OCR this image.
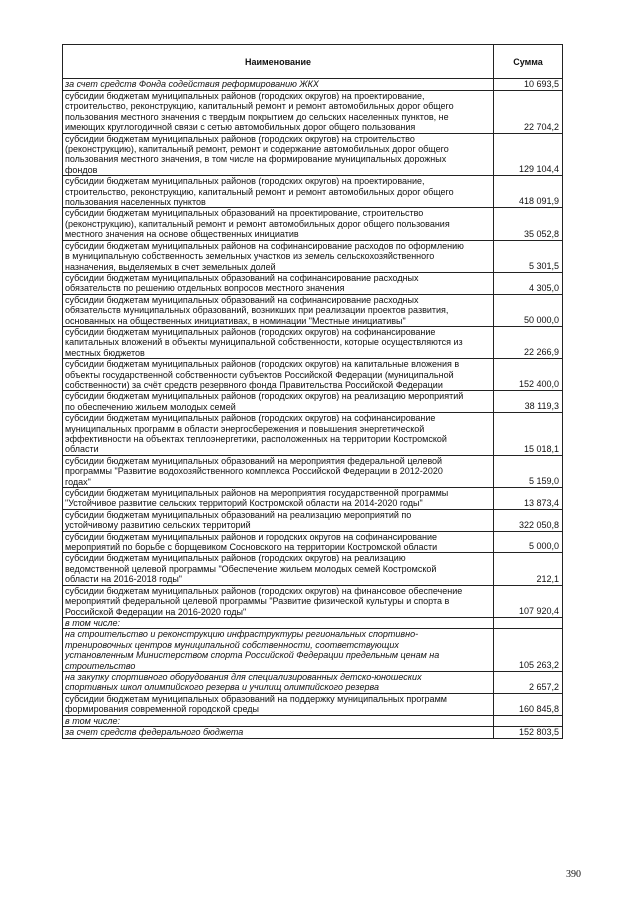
Наименование	Сумма
за счет средств Фонда содействия реформированию ЖКХ	10 693,5
субсидии бюджетам муниципальных районов (городских округов) на проектирование,
строительство, реконструкцию, капитальный ремонт и ремонт автомобильных дорог общего
пользования местного значения с твердым покрытием до сельских населенных пунктов, не
имеющих круглогодичной связи с сетью автомобильных дорог общего пользования	22 704,2
субсидии бюджетам муниципальных районов (городских округов) на строительство
(реконструкцию), капитальный ремонт, ремонт и содержание автомобильных дорог общего
пользования местного значения, в том числе на формирование муниципальных дорожных
фондов	129 104,4
субсидии бюджетам муниципальных районов (городских округов) на проектирование,
строительство, реконструкцию, капитальный ремонт и ремонт автомобильных дорог общего
пользования населенных пунктов	418 091,9
субсидии бюджетам муниципальных образований на проектирование, строительство
(реконструкцию), капитальный ремонт и ремонт автомобильных дорог общего пользования
местного значения на основе общественных инициатив	35 052,8
субсидии бюджетам муниципальных районов на софинансирование расходов по оформлению
в муниципальную собственность земельных участков из земель сельскохозяйственного
назначения, выделяемых в счет земельных долей	5 301,5
субсидии бюджетам муниципальных образований на софинансирование расходных
обязательств по решению отдельных вопросов местного значения	4 305,0
субсидии бюджетам муниципальных образований на софинансирование расходных
обязательств муниципальных образований, возникших при реализации проектов развития,
основанных на общественных инициативах, в номинации "Местные инициативы"	50 000,0
субсидии бюджетам муниципальных районов (городских округов) на софинансирование
капитальных вложений в объекты муниципальной собственности, которые осуществляются из
местных бюджетов	22 266,9
субсидии бюджетам муниципальных районов (городских округов) на капитальные вложения в
объекты государственной собственности субъектов Российской Федерации (муниципальной
собственности) за счёт средств резервного фонда Правительства Российской Федерации	152 400,0
субсидии бюджетам муниципальных районов (городских округов) на реализацию мероприятий
по обеспечению жильем молодых семей	38 119,3
субсидии бюджетам муниципальных районов (городских округов) на софинансирование
муниципальных программ в области энергосбережения и повышения энергетической
эффективности на объектах теплоэнергетики, расположенных на территории Костромской
области	15 018,1
субсидии бюджетам муниципальных образований на мероприятия федеральной целевой
программы "Развитие водохозяйственного комплекса Российской Федерации в 2012-2020
годах"	5 159,0
субсидии бюджетам муниципальных районов на мероприятия государственной программы
"Устойчивое развитие сельских территорий Костромской области на 2014-2020 годы"	13 873,4
субсидии бюджетам муниципальных образований на реализацию мероприятий по
устойчивому развитию сельских территорий	322 050,8
субсидии бюджетам муниципальных районов и городских округов на софинансирование
мероприятий по борьбе с борщевиком Сосновского на территории Костромской области	5 000,0
субсидии бюджетам муниципальных районов (городских округов) на реализацию
ведомственной целевой программы "Обеспечение жильем молодых семей Костромской
области на 2016-2018 годы"	212,1
субсидии бюджетам муниципальных районов (городских округов) на финансовое обеспечение
мероприятий федеральной целевой программы "Развитие физической культуры и спорта в
Российской Федерации на 2016-2020 годы"	107 920,4
в том числе:	
на строительство и реконструкцию инфраструктуры региональных спортивно-
тренировочных центров муниципальной собственности, соответствующих
установленным Министерством спорта Российской Федерации предельным ценам на
строительство	105 263,2
на закупку спортивного оборудования для специализированных детско-юношеских
спортивных школ олимпийского резерва и училищ олимпийского резерва	2 657,2
субсидии бюджетам муниципальных образований на поддержку муниципальных программ
формирования современной городской среды	160 845,8
в том числе:	
за счет средств федерального бюджета	152 803,5
390
